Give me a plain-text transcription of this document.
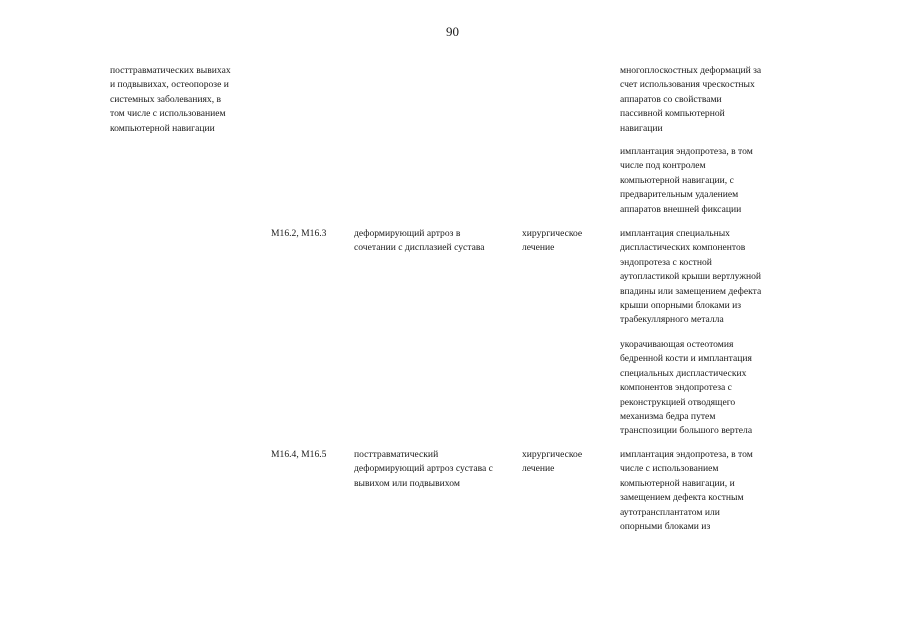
90
посттравматических вывихах
и подвывихах, остеопорозе и
системных заболеваниях, в
том числе с использованием
компьютерной навигации
многоплоскостных деформаций за
счет использования чрескостных
аппаратов со свойствами
пассивной компьютерной
навигации
имплантация эндопротеза, в том
числе под контролем
компьютерной навигации, с
предварительным удалением
аппаратов внешней фиксации
M16.2, M16.3	деформирующий артроз в
сочетании с дисплазией сустава
хирургическое
лечение
имплантация специальных
диспластических компонентов
эндопротеза с костной
аутопластикой крыши вертлужной
впадины или замещением дефекта
крыши опорными блоками из
трабекуллярного металла
укорачивающая остеотомия
бедренной кости и имплантация
специальных диспластических
компонентов эндопротеза с
реконструкцией отводящего
механизма бедра путем
транспозиции большого вертела
M16.4, M16.5	посттравматический
деформирующий артроз сустава с
вывихом или подвывихом
хирургическое
лечение
имплантация эндопротеза, в том
числе с использованием
компьютерной навигации, и
замещением дефекта костным
аутотрансплантатом или
опорными блоками из
